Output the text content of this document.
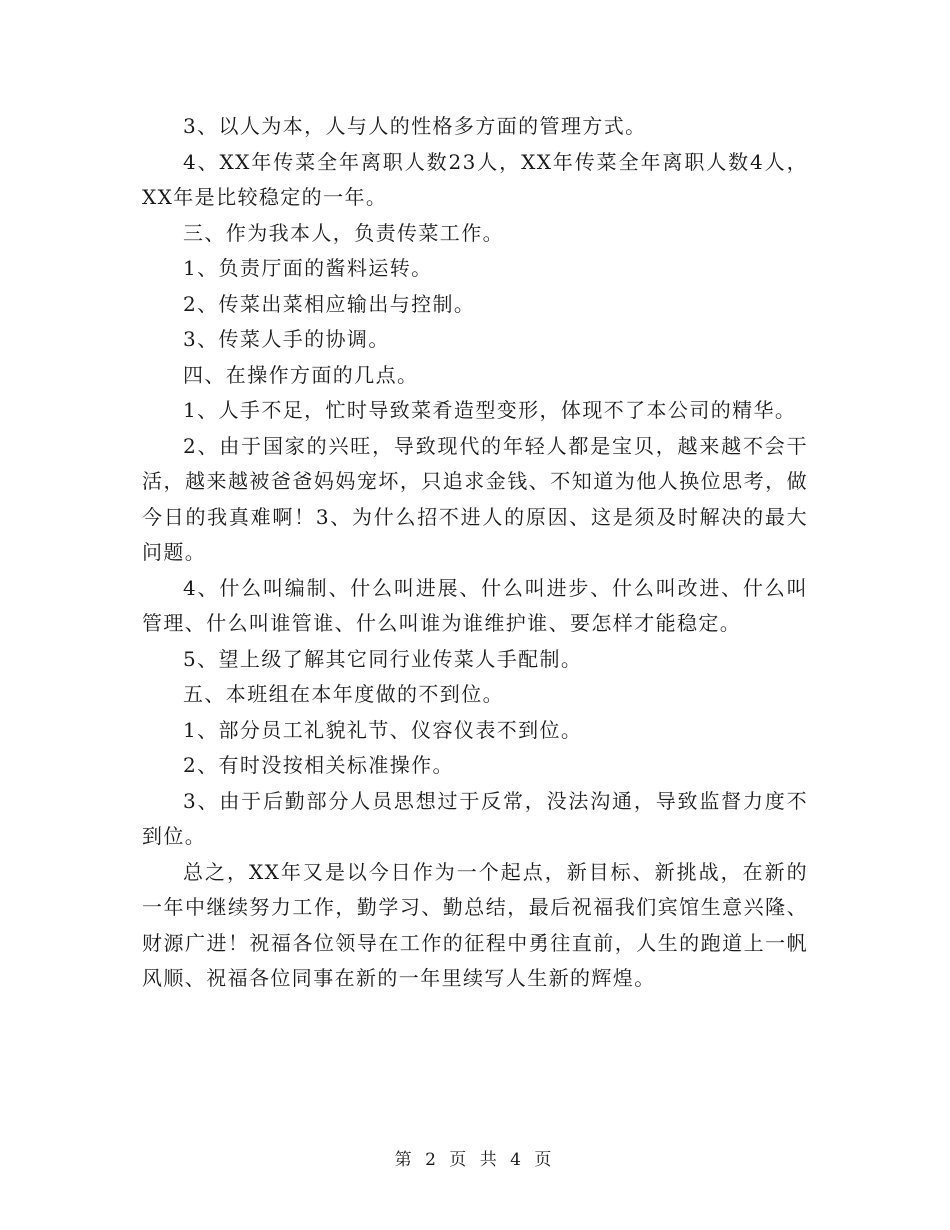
3、以人为本，人与人的性格多方面的管理方式。

4、XX年传菜全年离职人数23人，XX年传菜全年离职人数4人，XX年是比较稳定的一年。

三、作为我本人，负责传菜工作。

1、负责厅面的酱料运转。

2、传菜出菜相应输出与控制。

3、传菜人手的协调。

四、在操作方面的几点。

1、人手不足，忙时导致菜肴造型变形，体现不了本公司的精华。

2、由于国家的兴旺，导致现代的年轻人都是宝贝，越来越不会干活，越来越被爸爸妈妈宠坏，只追求金钱、不知道为他人换位思考，做今日的我真难啊！3、为什么招不进人的原因、这是须及时解决的最大问题。

4、什么叫编制、什么叫进展、什么叫进步、什么叫改进、什么叫管理、什么叫谁管谁、什么叫谁为谁维护谁、要怎样才能稳定。

5、望上级了解其它同行业传菜人手配制。

五、本班组在本年度做的不到位。

1、部分员工礼貌礼节、仪容仪表不到位。

2、有时没按相关标准操作。

3、由于后勤部分人员思想过于反常，没法沟通，导致监督力度不到位。

总之，XX年又是以今日作为一个起点，新目标、新挑战，在新的一年中继续努力工作，勤学习、勤总结，最后祝福我们宾馆生意兴隆、财源广进！祝福各位领导在工作的征程中勇往直前，人生的跑道上一帆风顺、祝福各位同事在新的一年里续写人生新的辉煌。

第 2 页 共 4 页
